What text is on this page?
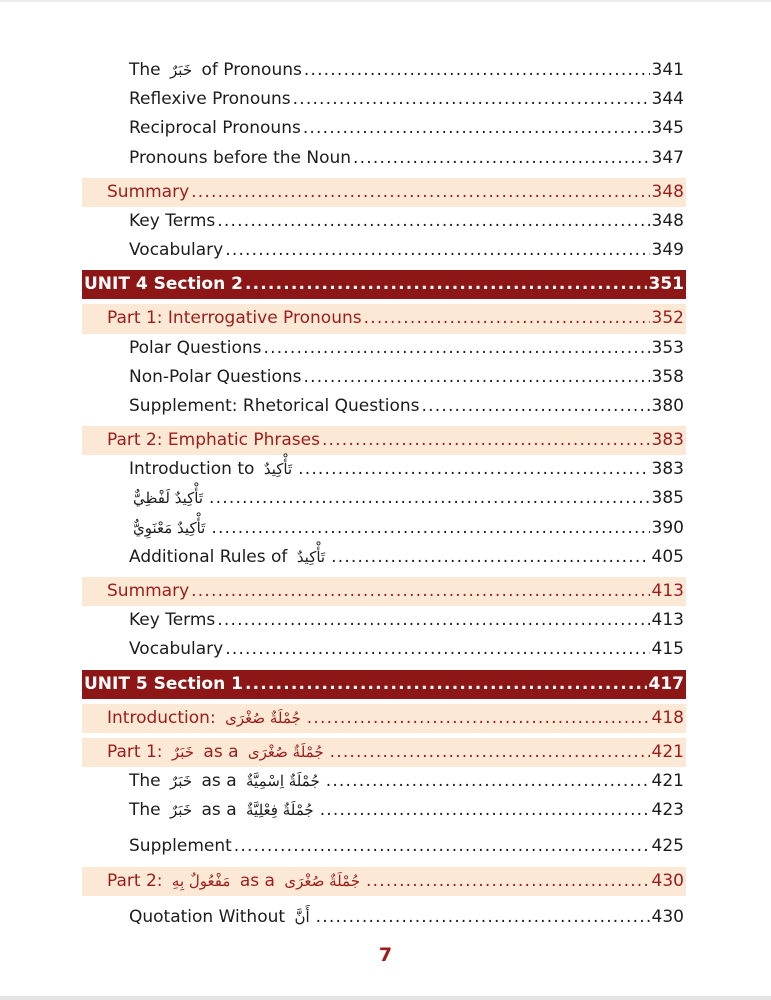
The خَبَرٌ of Pronouns .....	341
Reflexive Pronouns .....	344
Reciprocal Pronouns .....	345
Pronouns before the Noun .....	347
Summary .....	348
Key Terms .....	348
Vocabulary .....	349
UNIT 4 Section 2 .....	351
Part 1: Interrogative Pronouns .....	352
Polar Questions .....	353
Non-Polar Questions .....	358
Supplement: Rhetorical Questions .....	380
Part 2: Emphatic Phrases .....	383
Introduction to تَأْكِيدٌ .....	383
تَأْكِيدٌ لَفْظِيٌّ .....	385
تَأْكِيدٌ مَعْنَوِيٌّ .....	390
Additional Rules of تَأْكِيدٌ .....	405
Summary .....	413
Key Terms .....	413
Vocabulary .....	415
UNIT 5 Section 1 .....	417
Introduction: جُمْلَةٌ صُغْرَى .....	418
Part 1: خَبَرٌ as a جُمْلَةٌ صُغْرَى .....	421
The خَبَرٌ as a جُمْلَةٌ اِسْمِيَّةٌ .....	421
The خَبَرٌ as a جُمْلَةٌ فِعْلِيَّةٌ .....	423
Supplement .....	425
Part 2: مَفْعُولٌ بِهِ as a جُمْلَةٌ صُغْرَى .....	430
Quotation Without أَنَّ .....	430
7
